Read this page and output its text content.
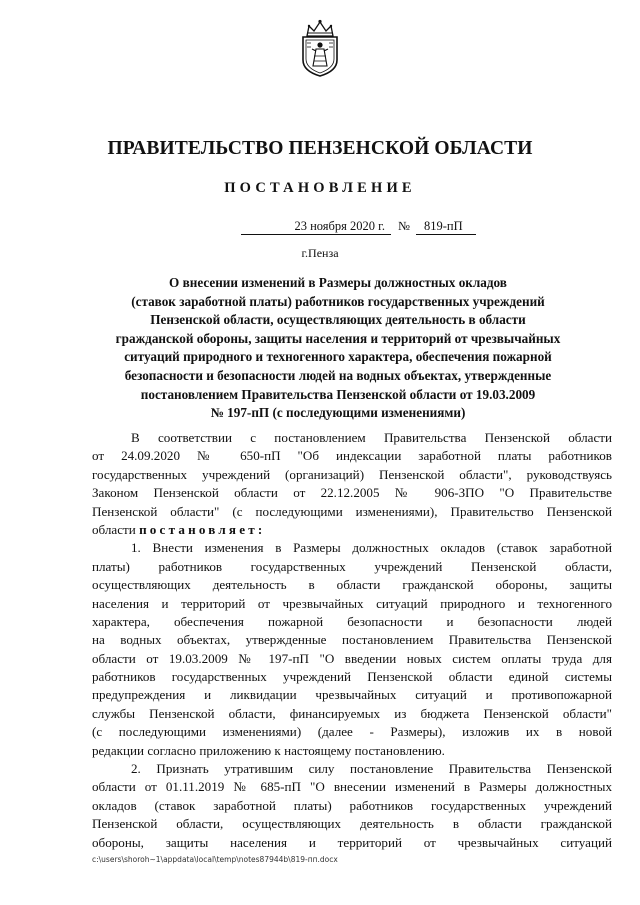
ПРАВИТЕЛЬСТВО ПЕНЗЕНСКОЙ ОБЛАСТИ
ПОСТАНОВЛЕНИЕ
23 ноября 2020 г.	№	819-пП
г.Пенза
О внесении изменений в Размеры должностных окладов
(ставок заработной платы) работников государственных учреждений
Пензенской области, осуществляющих деятельность в области
гражданской обороны, защиты населения и территорий от чрезвычайных
ситуаций природного и техногенного характера, обеспечения пожарной
безопасности и безопасности людей на водных объектах, утвержденные
постановлением Правительства Пензенской области от 19.03.2009
№ 197-пП (с последующими изменениями)
В соответствии с постановлением Правительства Пензенской области
от 24.09.2020 № 650-пП "Об индексации заработной платы работников
государственных учреждений (организаций) Пензенской области", руководствуясь
Законом Пензенской области от 22.12.2005 № 906-ЗПО "О Правительстве
Пензенской области" (с последующими изменениями), Правительство Пензенской
области постановляет:
1. Внести изменения в Размеры должностных окладов (ставок заработной
платы) работников государственных учреждений Пензенской области,
осуществляющих деятельность в области гражданской обороны, защиты
населения и территорий от чрезвычайных ситуаций природного и техногенного
характера, обеспечения пожарной безопасности и безопасности людей
на водных объектах, утвержденные постановлением Правительства Пензенской
области от 19.03.2009 № 197-пП "О введении новых систем оплаты труда для
работников государственных учреждений Пензенской области единой системы
предупреждения и ликвидации чрезвычайных ситуаций и противопожарной
службы Пензенской области, финансируемых из бюджета Пензенской области"
(с последующими изменениями) (далее - Размеры), изложив их в новой
редакции согласно приложению к настоящему постановлению.
2. Признать утратившим силу постановление Правительства Пензенской
области от 01.11.2019 № 685-пП "О внесении изменений в Размеры должностных
окладов (ставок заработной платы) работников государственных учреждений
Пензенской области, осуществляющих деятельность в области гражданской
обороны, защиты населения и территорий от чрезвычайных ситуаций
c:\users\shoroh~1\appdata\local\temp\notes87944b\819-пп.docx
